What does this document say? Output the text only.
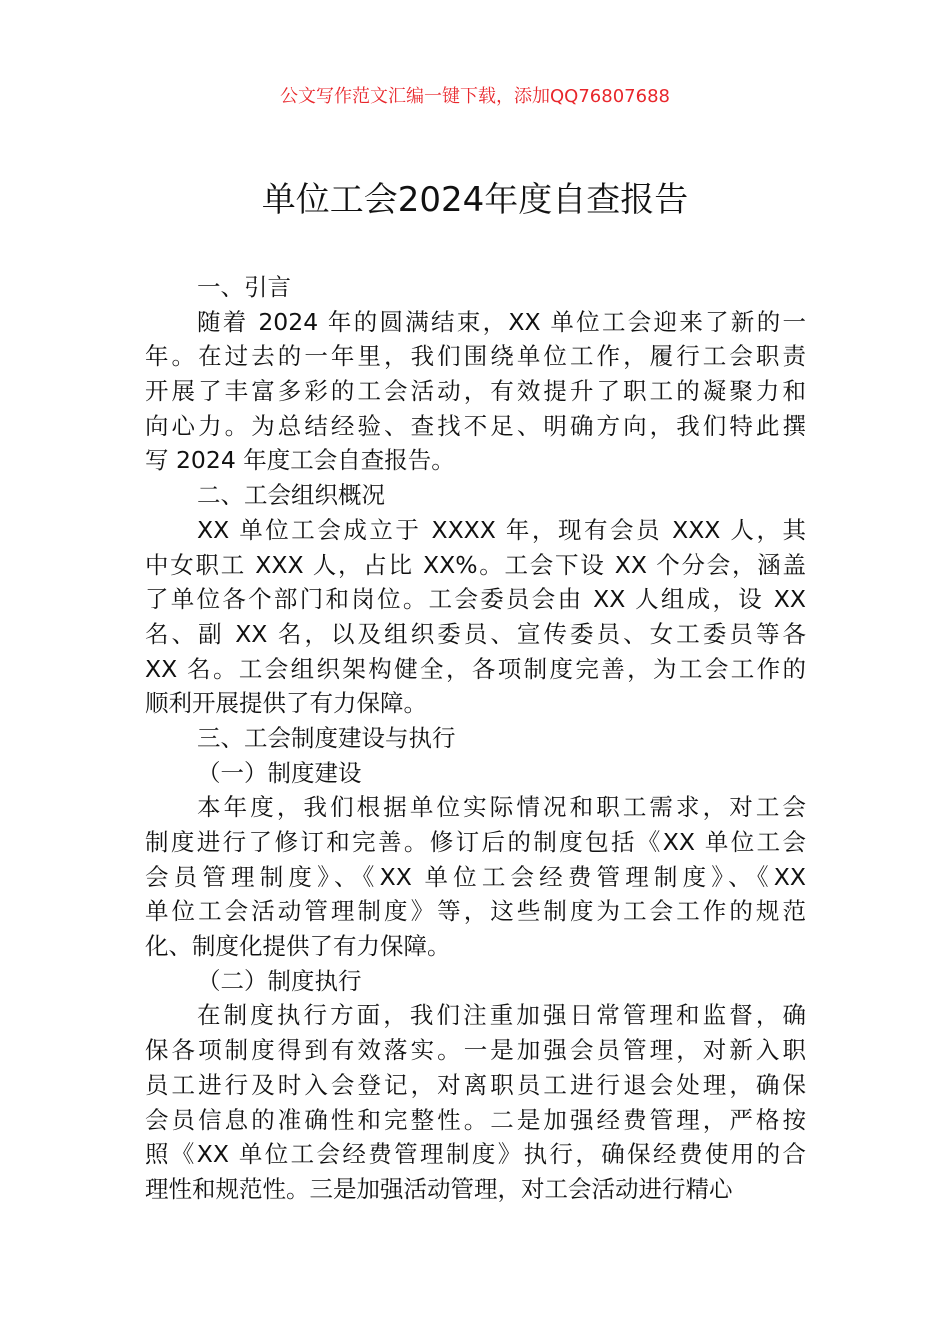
公文写作范文汇编一键下载，添加QQ76807688
单位工会2024年度自查报告
一、引言
随着 2024 年的圆满结束，XX 单位工会迎来了新的一
年。在过去的一年里，我们围绕单位工作，履行工会职责
开展了丰富多彩的工会活动，有效提升了职工的凝聚力和
向心力。为总结经验、查找不足、明确方向，我们特此撰
写 2024 年度工会自查报告。
二、工会组织概况
XX 单位工会成立于 XXXX 年，现有会员 XXX 人，其
中女职工 XXX 人，占比 XX%。工会下设 XX 个分会，涵盖
了单位各个部门和岗位。工会委员会由 XX 人组成，设 XX
名、副 XX 名，以及组织委员、宣传委员、女工委员等各
XX 名。工会组织架构健全，各项制度完善，为工会工作的
顺利开展提供了有力保障。
三、工会制度建设与执行
（一）制度建设
本年度，我们根据单位实际情况和职工需求，对工会
制度进行了修订和完善。修订后的制度包括《XX 单位工会
会员管理制度》、《XX 单位工会经费管理制度》、《XX
单位工会活动管理制度》等，这些制度为工会工作的规范
化、制度化提供了有力保障。
（二）制度执行
在制度执行方面，我们注重加强日常管理和监督，确
保各项制度得到有效落实。一是加强会员管理，对新入职
员工进行及时入会登记，对离职员工进行退会处理，确保
会员信息的准确性和完整性。二是加强经费管理，严格按
照《XX 单位工会经费管理制度》执行，确保经费使用的合
理性和规范性。三是加强活动管理，对工会活动进行精心
